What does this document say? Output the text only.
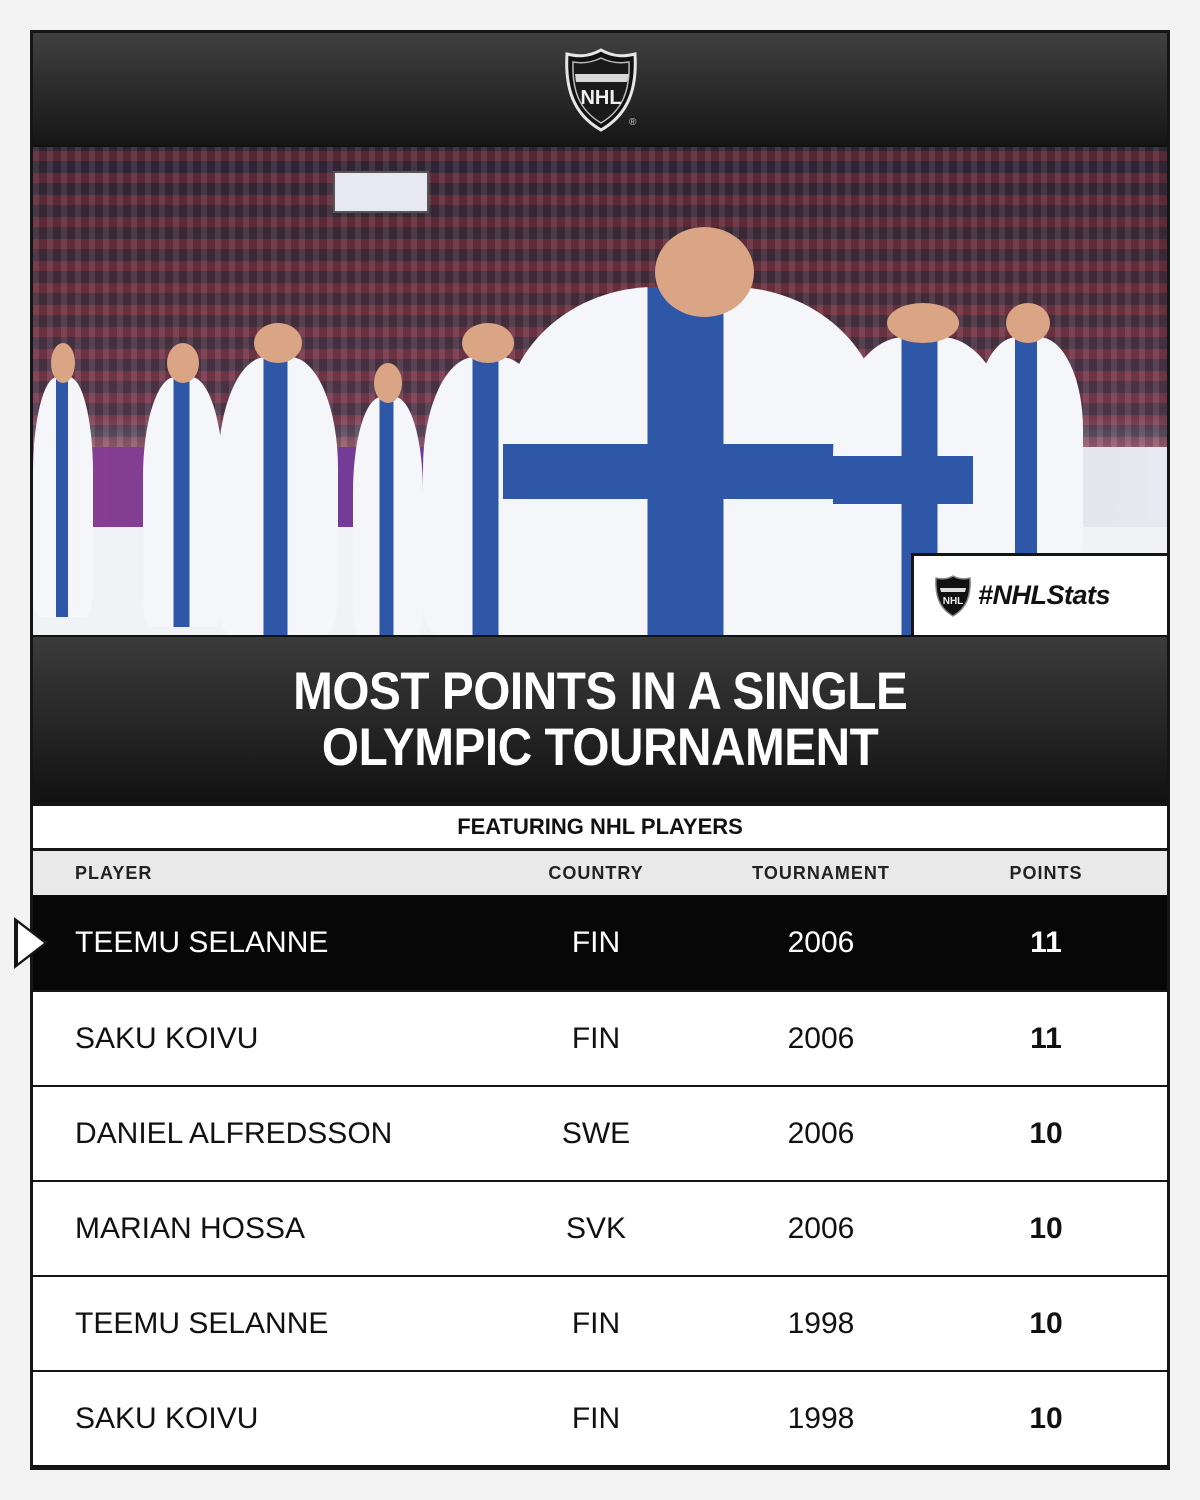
NHL
®
NHL #NHLStats
MOST POINTS IN A SINGLE
OLYMPIC TOURNAMENT
FEATURING NHL PLAYERS
PLAYER	COUNTRY	TOURNAMENT	POINTS
TEEMU SELANNE	FIN	2006	11
SAKU KOIVU	FIN	2006	11
DANIEL ALFREDSSON	SWE	2006	10
MARIAN HOSSA	SVK	2006	10
TEEMU SELANNE	FIN	1998	10
SAKU KOIVU	FIN	1998	10
